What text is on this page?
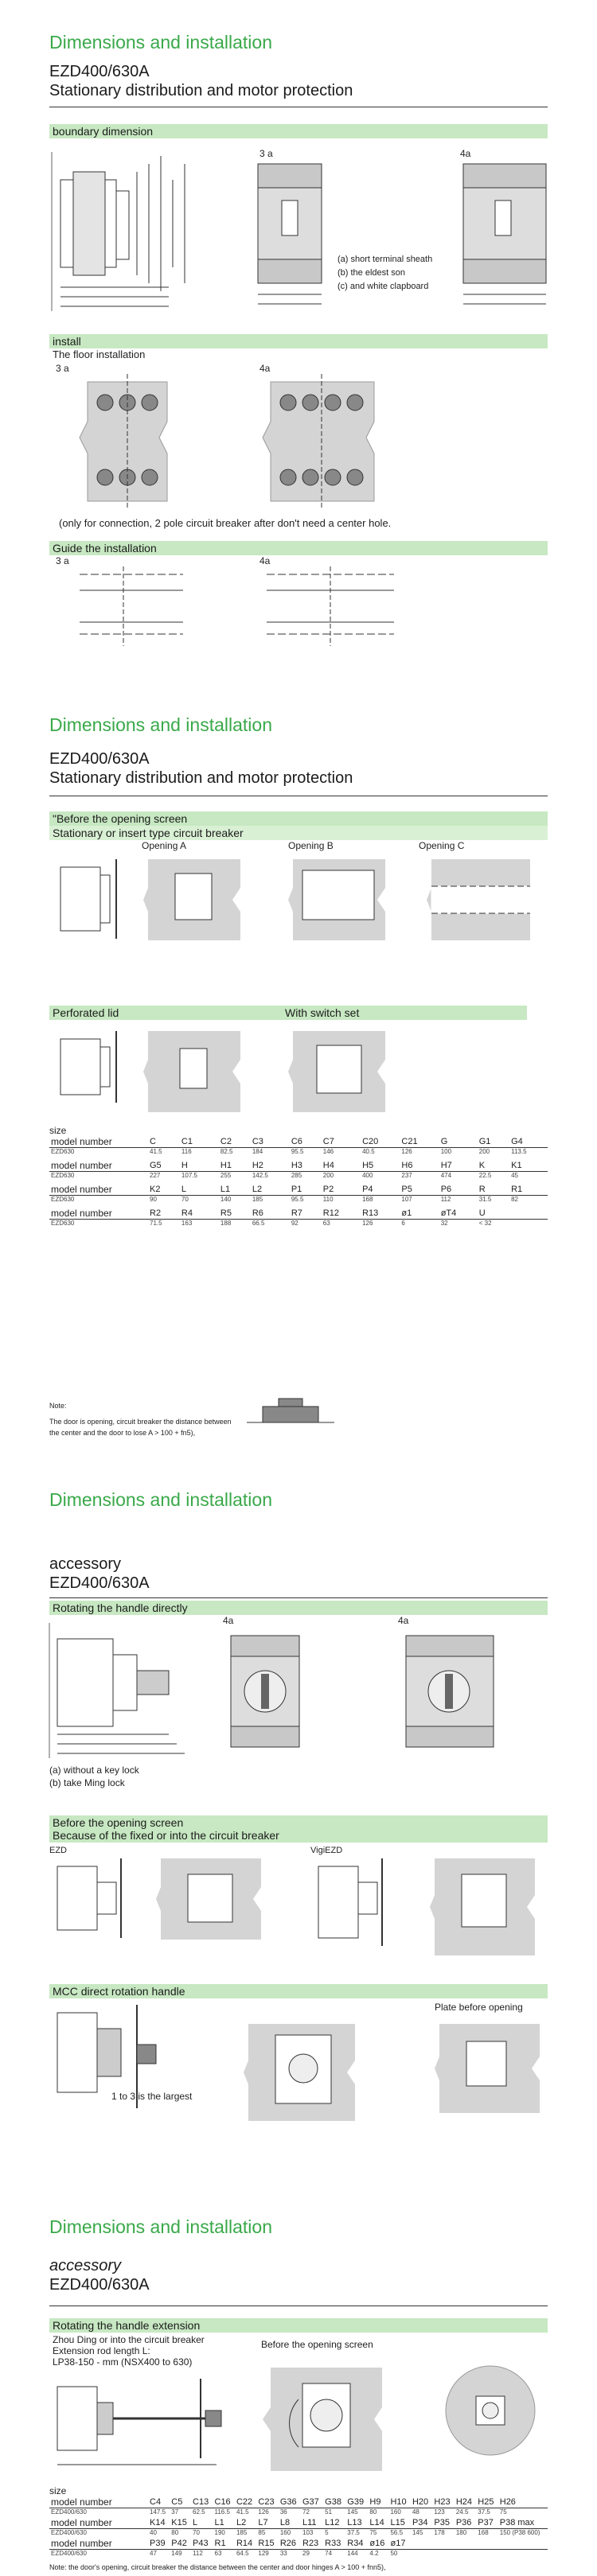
Dimensions and installation
EZD400/630A
Stationary distribution and motor protection
boundary dimension
3 a
(a) short terminal sheath
(b) the eldest son
(c) and white clapboard
4a
install
The floor installation
3 a	4a
(only for connection, 2 pole circuit breaker after don't need a center hole.
Guide the installation
3 a	4a
Dimensions and installation
EZD400/630A
Stationary distribution and motor protection
"Before the opening screen
Stationary or insert type circuit breaker
Opening A	Opening B	Opening C
Perforated lid	With switch set
size
model number	C	C1	C2	C3	C6	C7	C20	C21	G	G1	G4
EZD630	41.5	116	82.5	184	95.5	146	40.5	126	100	200	113.5

model number	G5	H	H1	H2	H3	H4	H5	H6	H7	K	K1
EZD630	227	107.5	255	142.5	285	200	400	237	474	22.5	45

model number	K2	L	L1	L2	P1	P2	P4	P5	P6	R	R1
EZD630	90	70	140	185	95.5	110	168	107	112	31.5	82

model number	R2	R4	R5	R6	R7	R12	R13	ø1	øT4	U	
EZD630	71.5	163	188	66.5	92	63	126	6	32	< 32	

Note:
The door is opening, circuit breaker the distance between the center and the door to lose A > 100 + fn5),
Dimensions and installation
accessory
EZD400/630A
Rotating the handle directly
4a	4a
(a) without a key lock
(b) take Ming lock
Before the opening screen
Because of the fixed or into the circuit breaker
EZD	VigiEZD
MCC direct rotation handle
Plate before opening
1 to 3 is the largest
Dimensions and installation
accessory
EZD400/630A
Rotating the handle extension
Zhou Ding or into the circuit breaker
Extension rod length L:
LP38-150 - mm (NSX400 to 630)
Before the opening screen
size
model number	C4	C5	C13	C16	C22	C23	G36	G37	G38	G39	H9	H10	H20	H23	H24	H25	H26
EZD400/630	147.5	37	62.5	116.5	41.5	126	36	72	51	145	80	160	48	123	24.5	37.5	75

model number	K14	K15	L	L1	L2	L7	L8	L11	L12	L13	L14	L15	P34	P35	P36	P37	P38 max
EZD400/630	40	80	70	190	185	85	160	103	5	37.5	75	56.5	145	178	180	168	150 (P38 600)

model number	P39	P42	P43	R1	R14	R15	R26	R23	R33	R34	ø16	ø17					
EZD400/630	47	149	112	63	64.5	129	33	29	74	144	4.2	50					

Note: the door's opening, circuit breaker the distance between the center and door hinges A > 100 + fnn5),
